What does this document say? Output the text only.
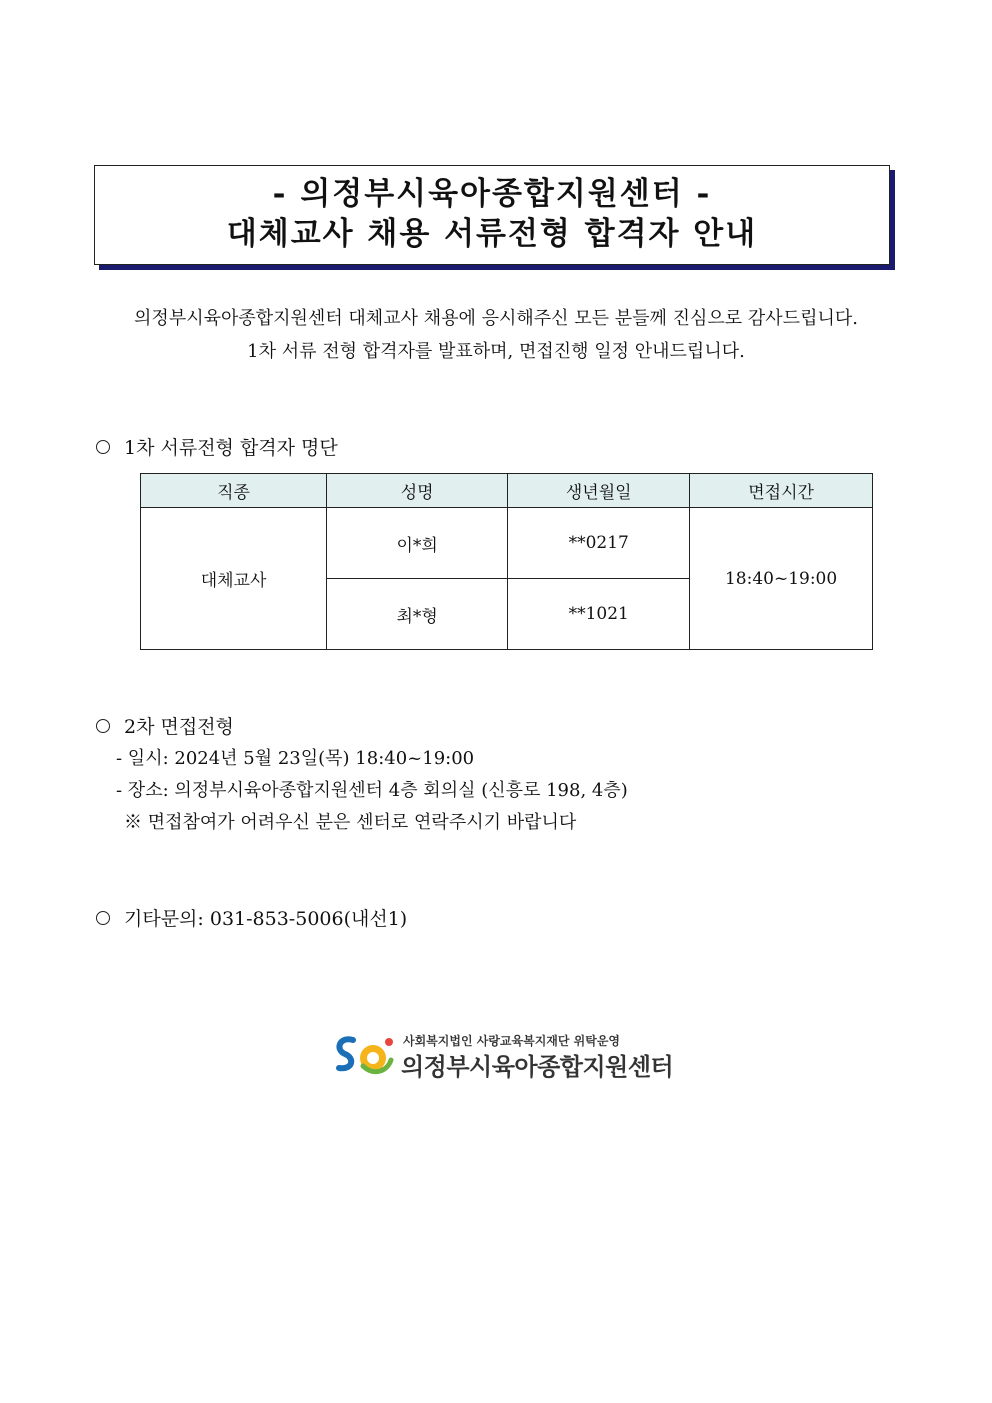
- 의정부시육아종합지원센터 -
대체교사 채용 서류전형 합격자 안내
의정부시육아종합지원센터 대체교사 채용에 응시해주신 모든 분들께 진심으로 감사드립니다.
1차 서류 전형 합격자를 발표하며, 면접진행 일정 안내드립니다.
1차 서류전형 합격자 명단
직종	성명	생년월일	면접시간
대체교사	이*희	**0217	18:40~19:00
	최*형	**1021	
2차 면접전형
- 일시: 2024년 5월 23일(목) 18:40~19:00
- 장소: 의정부시육아종합지원센터 4층 회의실 (신흥로 198, 4층)
※ 면접참여가 어려우신 분은 센터로 연락주시기 바랍니다
기타문의: 031-853-5006(내선1)
사회복지법인 사랑교육복지재단 위탁운영
의정부시육아종합지원센터
